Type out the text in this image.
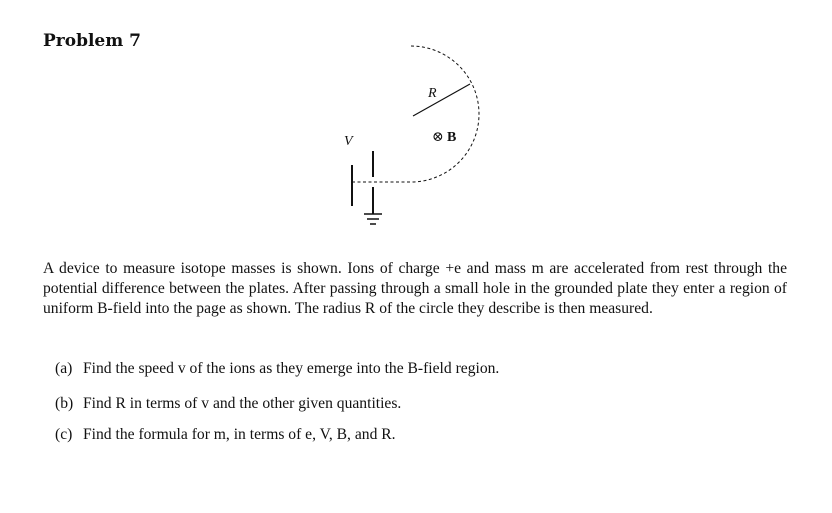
Problem 7
R
⊗ B
V

A device to measure isotope masses is shown. Ions of charge +e and mass m are accelerated from rest through the potential difference between the plates. After passing through a small hole in the grounded plate they enter a region of uniform B-field into the page as shown. The radius R of the circle they describe is then measured.

(a) Find the speed v of the ions as they emerge into the B-field region.
(b) Find R in terms of v and the other given quantities.
(c) Find the formula for m, in terms of e, V, B, and R.
